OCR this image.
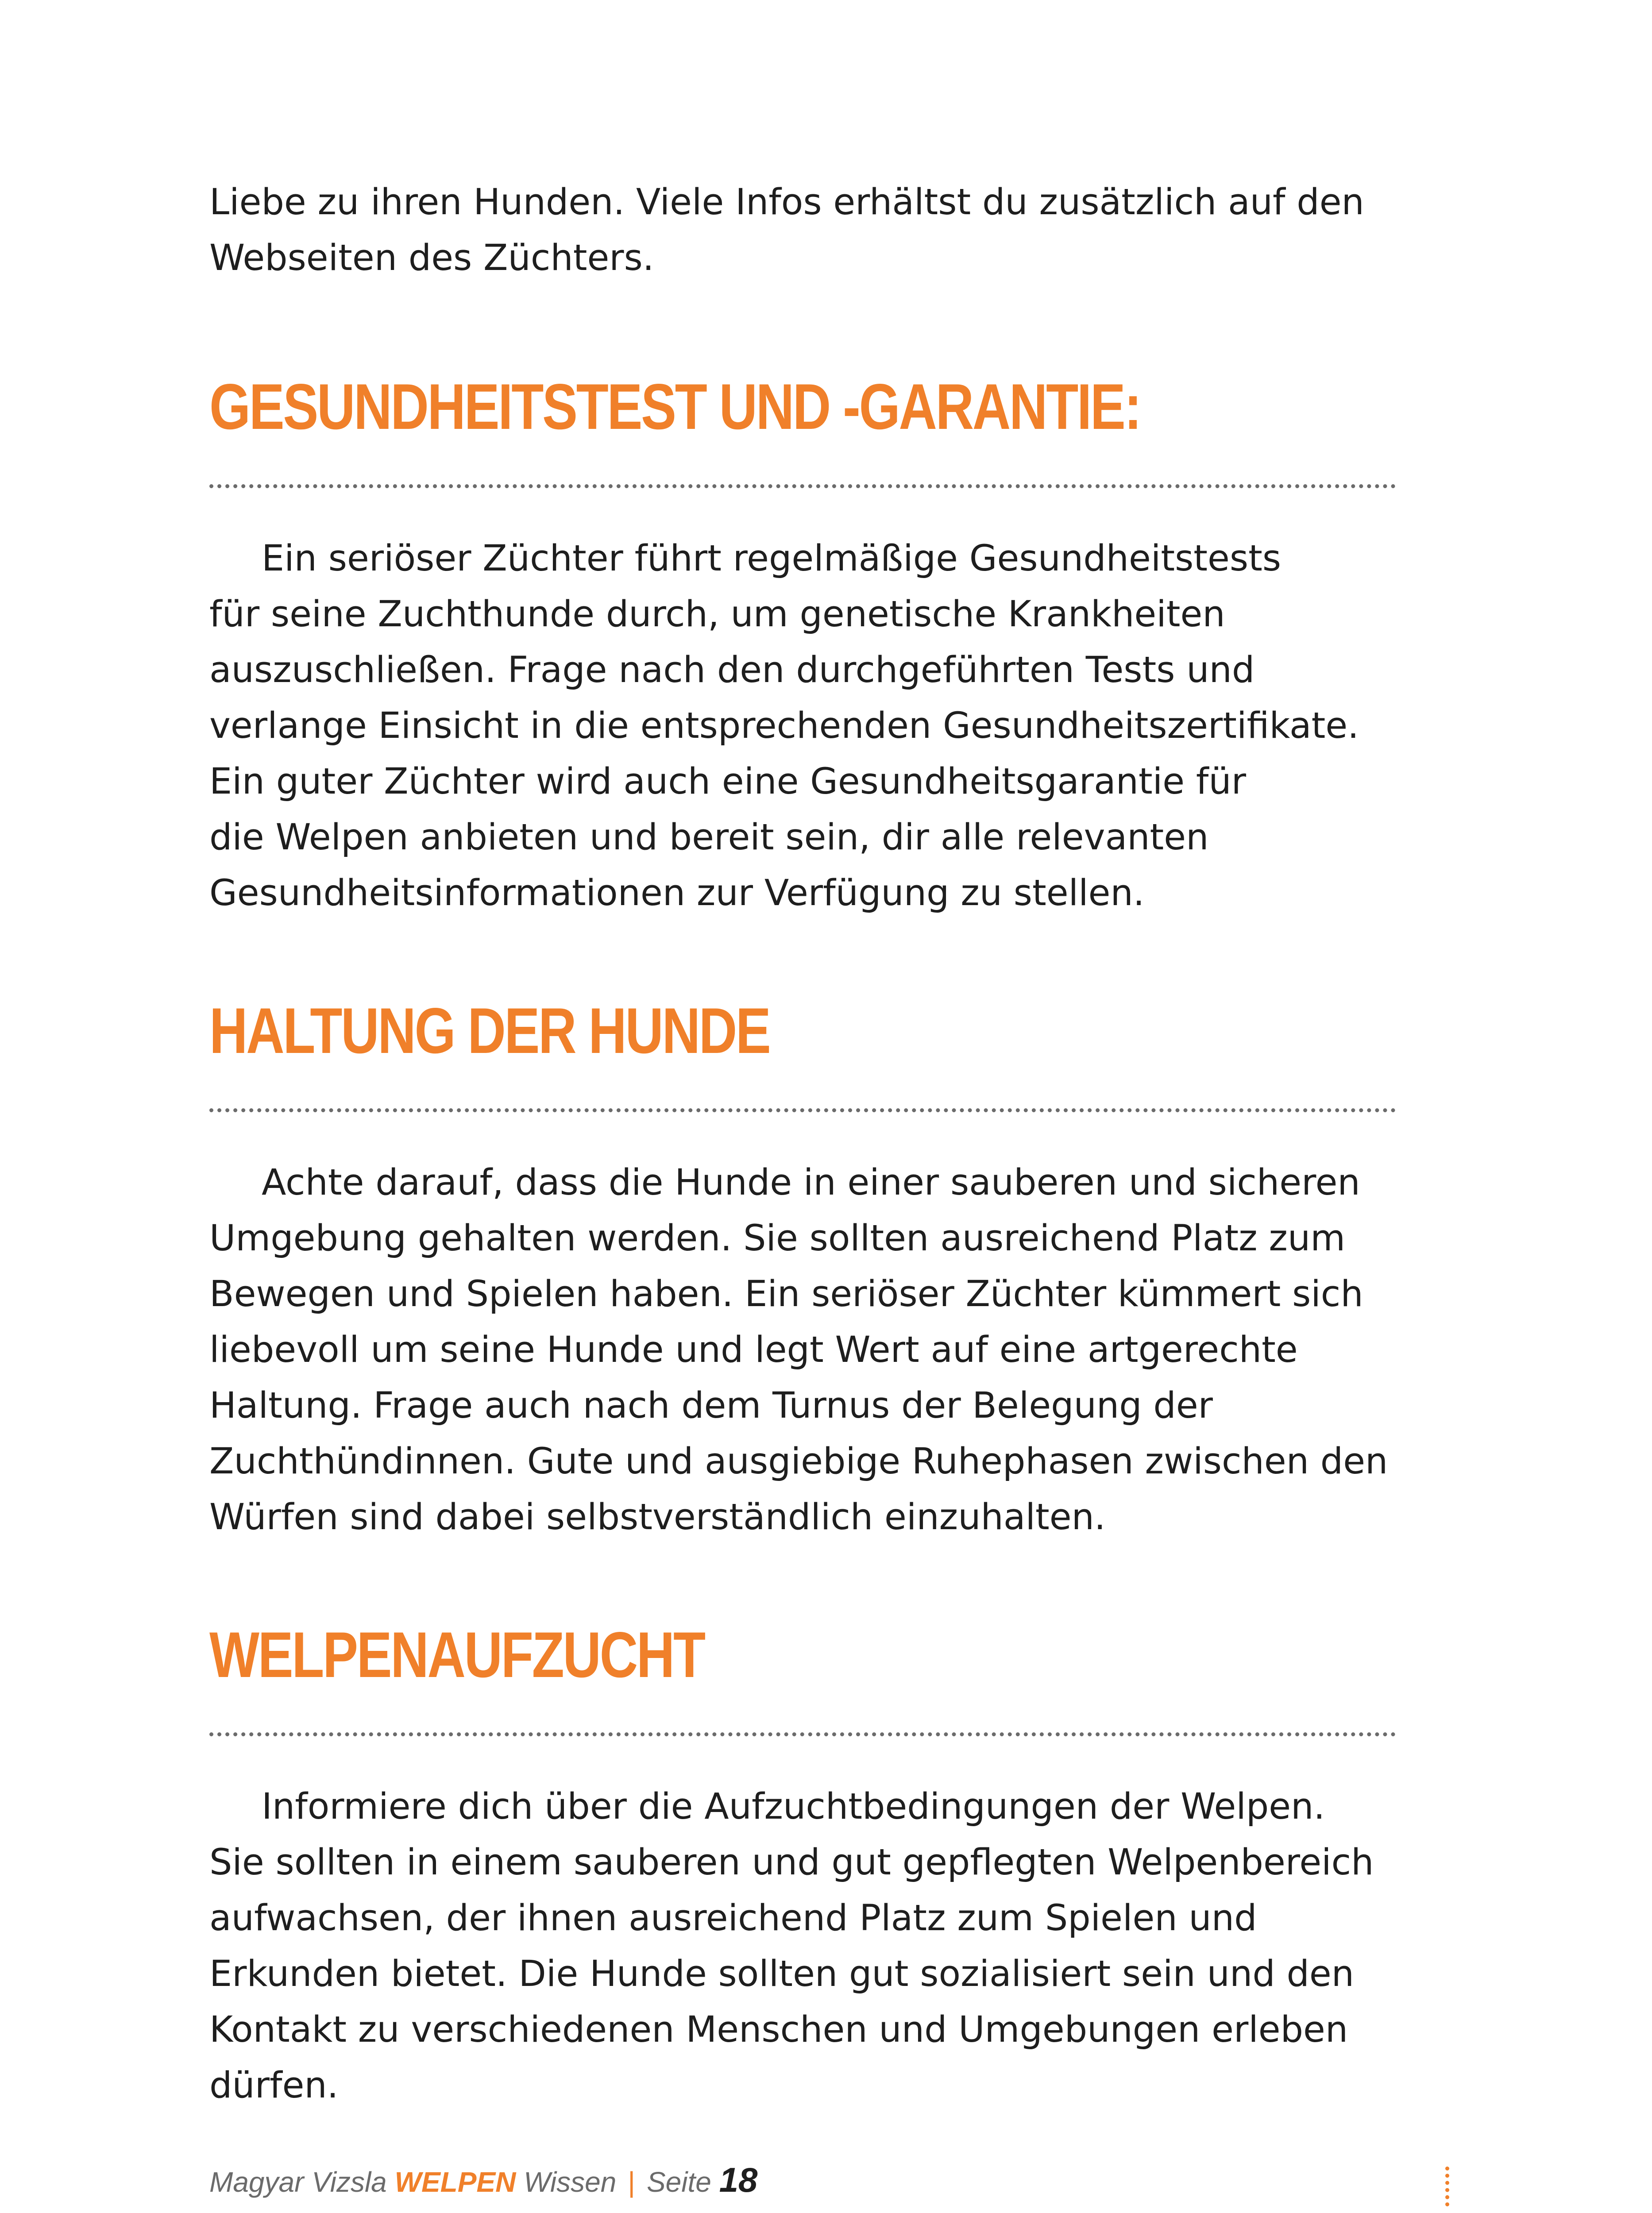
Liebe zu ihren Hunden. Viele Infos erhältst du zusätzlich auf den
Webseiten des Züchters.
GESUNDHEITSTEST UND -GARANTIE:
Ein seriöser Züchter führt regelmäßige Gesundheitstests
für seine Zuchthunde durch, um genetische Krankheiten
auszuschließen. Frage nach den durchgeführten Tests und
verlange Einsicht in die entsprechenden Gesundheitszertifikate.
Ein guter Züchter wird auch eine Gesundheitsgarantie für
die Welpen anbieten und bereit sein, dir alle relevanten
Gesundheitsinformationen zur Verfügung zu stellen.
HALTUNG DER HUNDE
Achte darauf, dass die Hunde in einer sauberen und sicheren
Umgebung gehalten werden. Sie sollten ausreichend Platz zum
Bewegen und Spielen haben. Ein seriöser Züchter kümmert sich
liebevoll um seine Hunde und legt Wert auf eine artgerechte
Haltung. Frage auch nach dem Turnus der Belegung der
Zuchthündinnen. Gute und ausgiebige Ruhephasen zwischen den
Würfen sind dabei selbstverständlich einzuhalten.
WELPENAUFZUCHT
Informiere dich über die Aufzuchtbedingungen der Welpen.
Sie sollten in einem sauberen und gut gepflegten Welpenbereich
aufwachsen, der ihnen ausreichend Platz zum Spielen und
Erkunden bietet. Die Hunde sollten gut sozialisiert sein und den
Kontakt zu verschiedenen Menschen und Umgebungen erleben
dürfen.
Magyar Vizsla WELPEN Wissen | Seite 18
